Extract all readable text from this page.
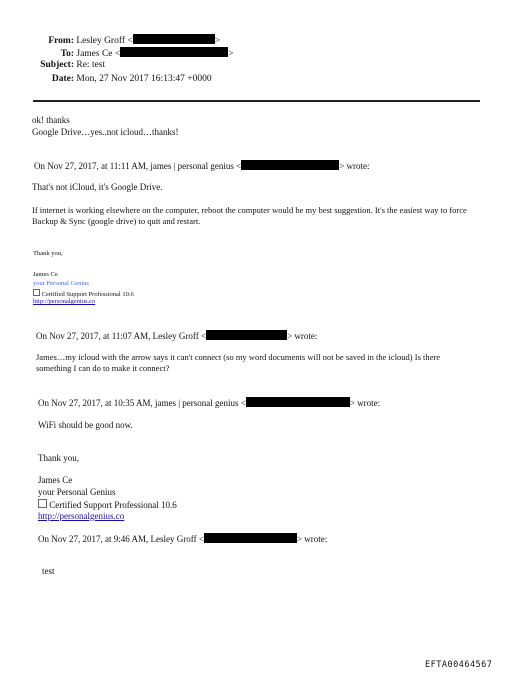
From: Lesley Groff <	>
To: James Ce <	>
Subject: Re: test
Date: Mon, 27 Nov 2017 16:13:47 +0000
ok! thanks
Google Drive…yes..not icloud…thanks!
On Nov 27, 2017, at 11:11 AM, james | personal genius <	> wrote:
That's not iCloud, it's Google Drive.
If internet is working elsewhere on the computer, reboot the computer would be my best suggestion. It's the easiest way to force Backup & Sync (google drive) to quit and restart.
Thank you,
James Ce
your Personal Genius
Certified Support Professional 10.6
http://personalgenius.co
On Nov 27, 2017, at 11:07 AM, Lesley Groff <	> wrote:
James…my icloud with the arrow says it can't connect (so my word documents will not be saved in the icloud) Is there something I can do to make it connect?
On Nov 27, 2017, at 10:35 AM, james | personal genius <	> wrote:
WiFi should be good now.
Thank you,
James Ce
your Personal Genius
Certified Support Professional 10.6
http://personalgenius.co
On Nov 27, 2017, at 9:46 AM, Lesley Groff <	> wrote:
test
EFTA00464567
